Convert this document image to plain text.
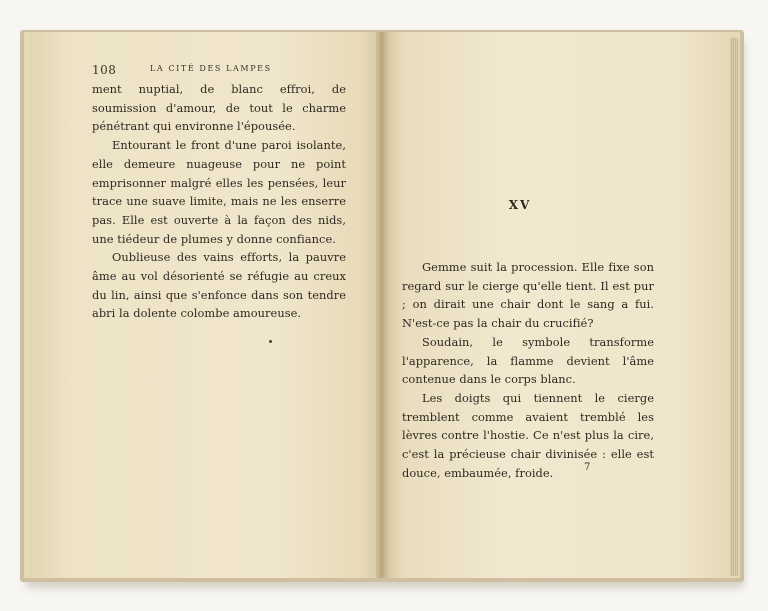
108	LA CITÉ DES LAMPES

ment nuptial, de blanc effroi, de soumission d'amour, de tout le charme pénétrant qui environne l'épousée.

Entourant le front d'une paroi isolante, elle demeure nuageuse pour ne point emprisonner malgré elles les pensées, leur trace une suave limite, mais ne les enserre pas. Elle est ouverte à la façon des nids, une tiédeur de plumes y donne confiance.

Oublieuse des vains efforts, la pauvre âme au vol désorienté se réfugie au creux du lin, ainsi que s'enfonce dans son tendre abri la dolente colombe amoureuse.

XV

Gemme suit la procession. Elle fixe son regard sur le cierge qu'elle tient. Il est pur ; on dirait une chair dont le sang a fui. N'est-ce pas la chair du crucifié?

Soudain, le symbole transforme l'apparence, la flamme devient l'âme contenue dans le corps blanc.

Les doigts qui tiennent le cierge tremblent comme avaient tremblé les lèvres contre l'hostie. Ce n'est plus la cire, c'est la précieuse chair divinisée : elle est douce, embaumée, froide.	7
